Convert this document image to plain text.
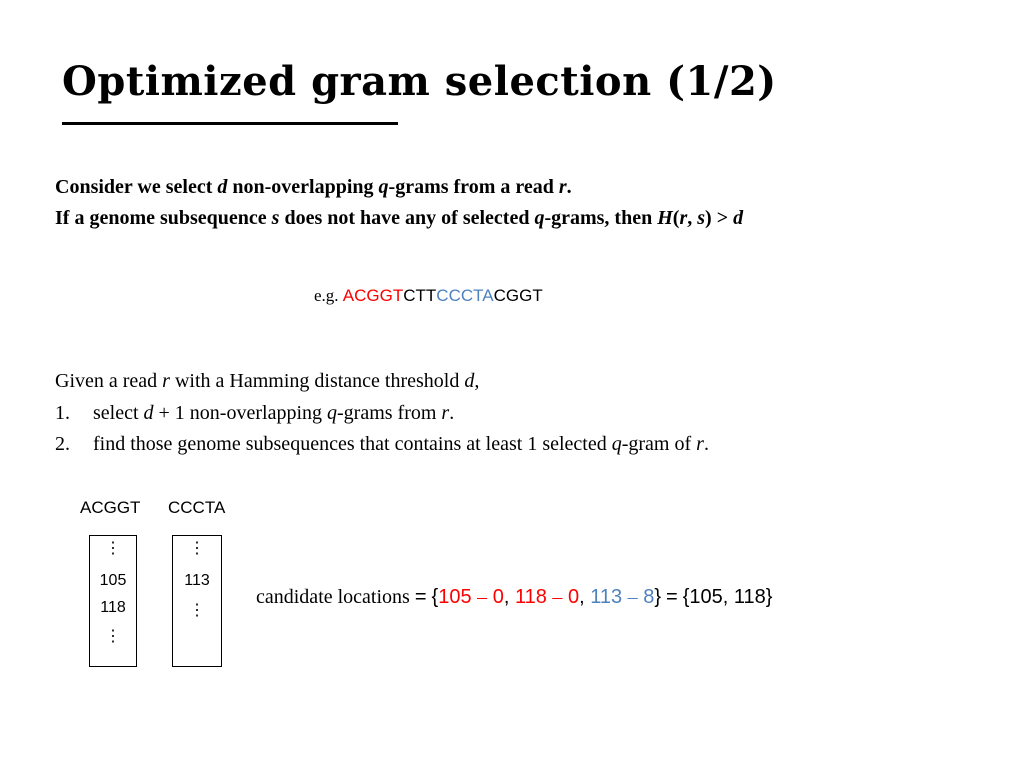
Optimized gram selection (1/2)
Consider we select d non-overlapping q-grams from a read r.
If a genome subsequence s does not have any of selected q-grams, then H(r, s) > d
e.g. ACGGTCTTCCCTACGGT
Given a read r with a Hamming distance threshold d,
1. select d + 1 non-overlapping q-grams from r.
2. find those genome subsequences that contains at least 1 selected q-gram of r.
ACGGT CCCTA
⋮
105
118
⋮
⋮
113
⋮
candidate locations = {105 – 0, 118 – 0, 113 – 8} = {105, 118}
